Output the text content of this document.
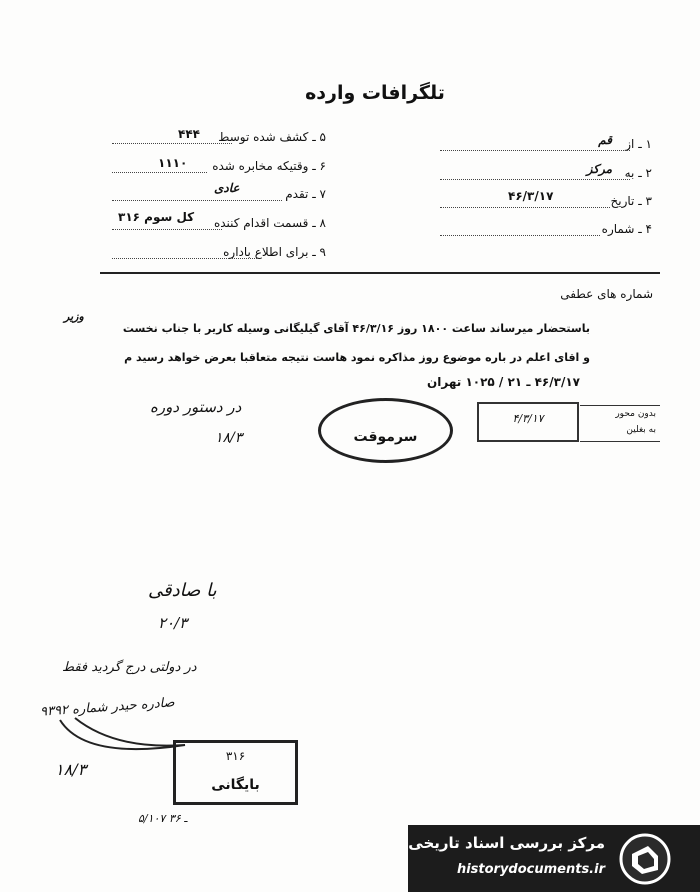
تلگرافات وارده
۱ ـ از
قم
۲ ـ به
مرکز
۳ ـ تاریخ
۴۶/۳/۱۷
۴ ـ شماره
۵ ـ کشف شده توسط
۴۴۴
۶ ـ وقتیکه مخابره شده
۱۱۱۰
۷ ـ تقدم
عادی
۸ ـ قسمت اقدام کننده
کل سوم ۳۱۶
۹ ـ برای اطلاع باداره
شماره های عطفی
وزیر
باستحضار میرساند ساعت ۱۸۰۰ روز ۴۶/۳/۱۶ آقای گیلیگانی وسیله کاریر با جناب نخست
و اقای اعلم در باره موضوع روز مذاکره نمود هاست نتیجه متعاقبا بعرض خواهد رسید م
۴۶/۳/۱۷ ـ ۲۱ / ۱۰۲۵ تهران
سرموقت
۴/۳/۱۷	بدون محور
به بغلین
در دستور دوره
۱۸/۳
با صادقی
۲۰/۳
در دولتی درج گردید فقط
صادره حیدر شماره ۹۳۹۲
۱۸/۳
۳۱۶
بایگانی
۵/۱۰۷ ـ ۳۶
مرکز بررسی اسناد تاریخی
historydocuments.ir
